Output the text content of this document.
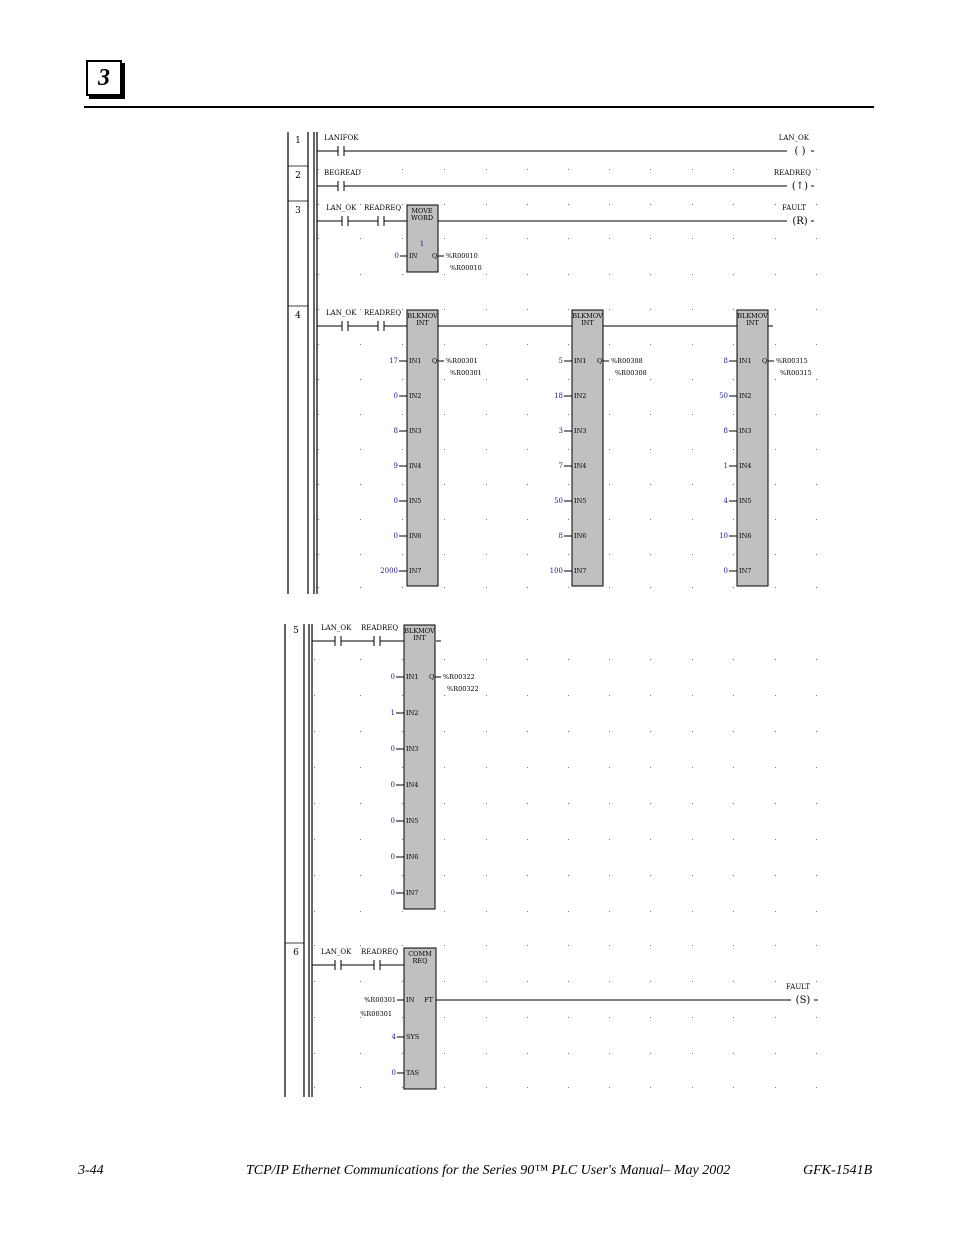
3
1	LANIFOK
( )
LAN_OK
2	BEGREAD
(↑)
READREQ
3	LAN_OK READREQ MOVE
WORD
1
0 IN Q %R00010
%R00010
(R)
FAULT
4	LAN_OK READREQ BLKMOV
INT
17 IN1
0 IN2
8 IN3
9 IN4
0 IN5
0 IN6
2000 IN7
Q %R00301
%R00301
BLKMOV
INT
5 IN1
18 IN2
3 IN3
7 IN4
50 IN5
8 IN6
100 IN7
Q %R00308
%R00308
BLKMOV
INT
8 IN1
50 IN2
8 IN3
1 IN4
4 IN5
10 IN6
0 IN7
Q %R00315
%R00315
5	LAN_OK READREQ BLKMOV
INT
0 IN1
1 IN2
0 IN3
0 IN4
0 IN5
0 IN6
0 IN7
Q %R00322
%R00322
6	LAN_OK READREQ COMM
REQ
%R00301
%R00301
IN
4 SYS
0 TAS
FT	(S)
FAULT
3-44	TCP/IP Ethernet Communications for the Series 90™ PLC User's Manual– May 2002	GFK-1541B
